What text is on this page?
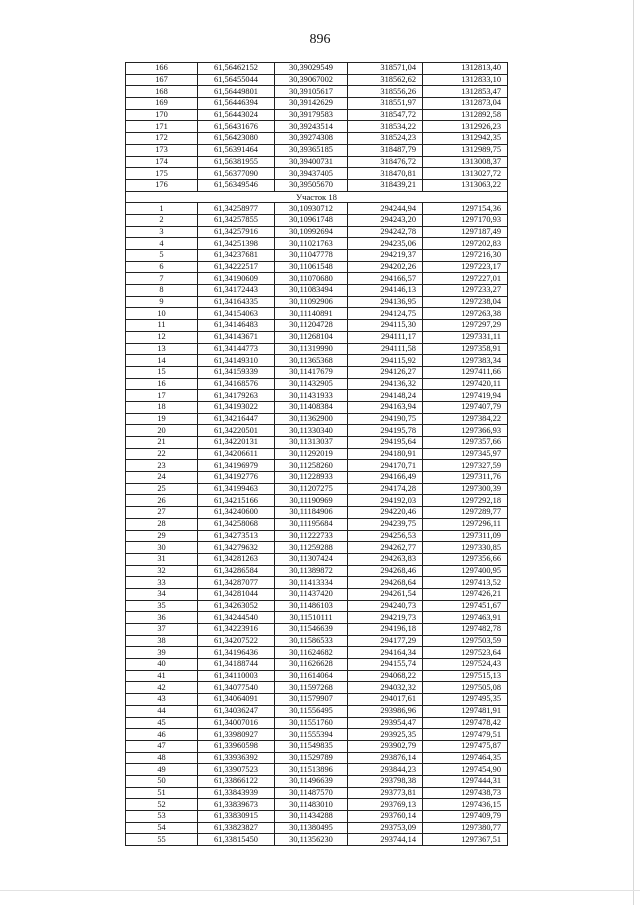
896
166	61,56462152	30,39029549	318571,04	1312813,40
167	61,56455044	30,39067002	318562,62	1312833,10
168	61,56449801	30,39105617	318556,26	1312853,47
169	61,56446394	30,39142629	318551,97	1312873,04
170	61,56443024	30,39179583	318547,72	1312892,58
171	61,56431676	30,39243514	318534,22	1312926,23
172	61,56423080	30,39274308	318524,23	1312942,35
173	61,56391464	30,39365185	318487,79	1312989,75
174	61,56381955	30,39400731	318476,72	1313008,37
175	61,56377090	30,39437405	318470,81	1313027,72
176	61,56349546	30,39505670	318439,21	1313063,22
Участок 18				
1	61,34258977	30,10930712	294244,94	1297154,36
2	61,34257855	30,10961748	294243,20	1297170,93
3	61,34257916	30,10992694	294242,78	1297187,49
4	61,34251398	30,11021763	294235,06	1297202,83
5	61,34237681	30,11047778	294219,37	1297216,30
6	61,34222517	30,11061548	294202,26	1297223,17
7	61,34190609	30,11070680	294166,57	1297227,01
8	61,34172443	30,11083494	294146,13	1297233,27
9	61,34164335	30,11092906	294136,95	1297238,04
10	61,34154063	30,11140891	294124,75	1297263,38
11	61,34146483	30,11204728	294115,30	1297297,29
12	61,34143671	30,11268104	294111,17	1297331,11
13	61,34144773	30,11319990	294111,58	1297358,91
14	61,34149310	30,11365368	294115,92	1297383,34
15	61,34159339	30,11417679	294126,27	1297411,66
16	61,34168576	30,11432905	294136,32	1297420,11
17	61,34179263	30,11431933	294148,24	1297419,94
18	61,34193022	30,11408384	294163,94	1297407,79
19	61,34216447	30,11362900	294190,75	1297384,22
20	61,34220501	30,11330340	294195,78	1297366,93
21	61,34220131	30,11313037	294195,64	1297357,66
22	61,34206611	30,11292019	294180,91	1297345,97
23	61,34196979	30,11258260	294170,71	1297327,59
24	61,34192776	30,11228933	294166,49	1297311,76
25	61,34199463	30,11207275	294174,28	1297300,39
26	61,34215166	30,11190969	294192,03	1297292,18
27	61,34240600	30,11184906	294220,46	1297289,77
28	61,34258068	30,11195684	294239,75	1297296,11
29	61,34273513	30,11222733	294256,53	1297311,09
30	61,34279632	30,11259288	294262,77	1297330,85
31	61,34281263	30,11307424	294263,83	1297356,66
32	61,34286584	30,11389872	294268,46	1297400,95
33	61,34287077	30,11413334	294268,64	1297413,52
34	61,34281044	30,11437420	294261,54	1297426,21
35	61,34263052	30,11486103	294240,73	1297451,67
36	61,34244540	30,11510111	294219,73	1297463,91
37	61,34223916	30,11546639	294196,18	1297482,78
38	61,34207522	30,11586533	294177,29	1297503,59
39	61,34196436	30,11624682	294164,34	1297523,64
40	61,34188744	30,11626628	294155,74	1297524,43
41	61,34110003	30,11614064	294068,22	1297515,13
42	61,34077540	30,11597268	294032,32	1297505,08
43	61,34064091	30,11579907	294017,61	1297495,35
44	61,34036247	30,11556495	293986,96	1297481,91
45	61,34007016	30,11551760	293954,47	1297478,42
46	61,33980927	30,11555394	293925,35	1297479,51
47	61,33960598	30,11549835	293902,79	1297475,87
48	61,33936392	30,11529789	293876,14	1297464,35
49	61,33907523	30,11513896	293844,23	1297454,90
50	61,33866122	30,11496639	293798,38	1297444,31
51	61,33843939	30,11487570	293773,81	1297438,73
52	61,33839673	30,11483010	293769,13	1297436,15
53	61,33830915	30,11434288	293760,14	1297409,79
54	61,33823827	30,11380495	293753,09	1297380,77
55	61,33815450	30,11356230	293744,14	1297367,51
